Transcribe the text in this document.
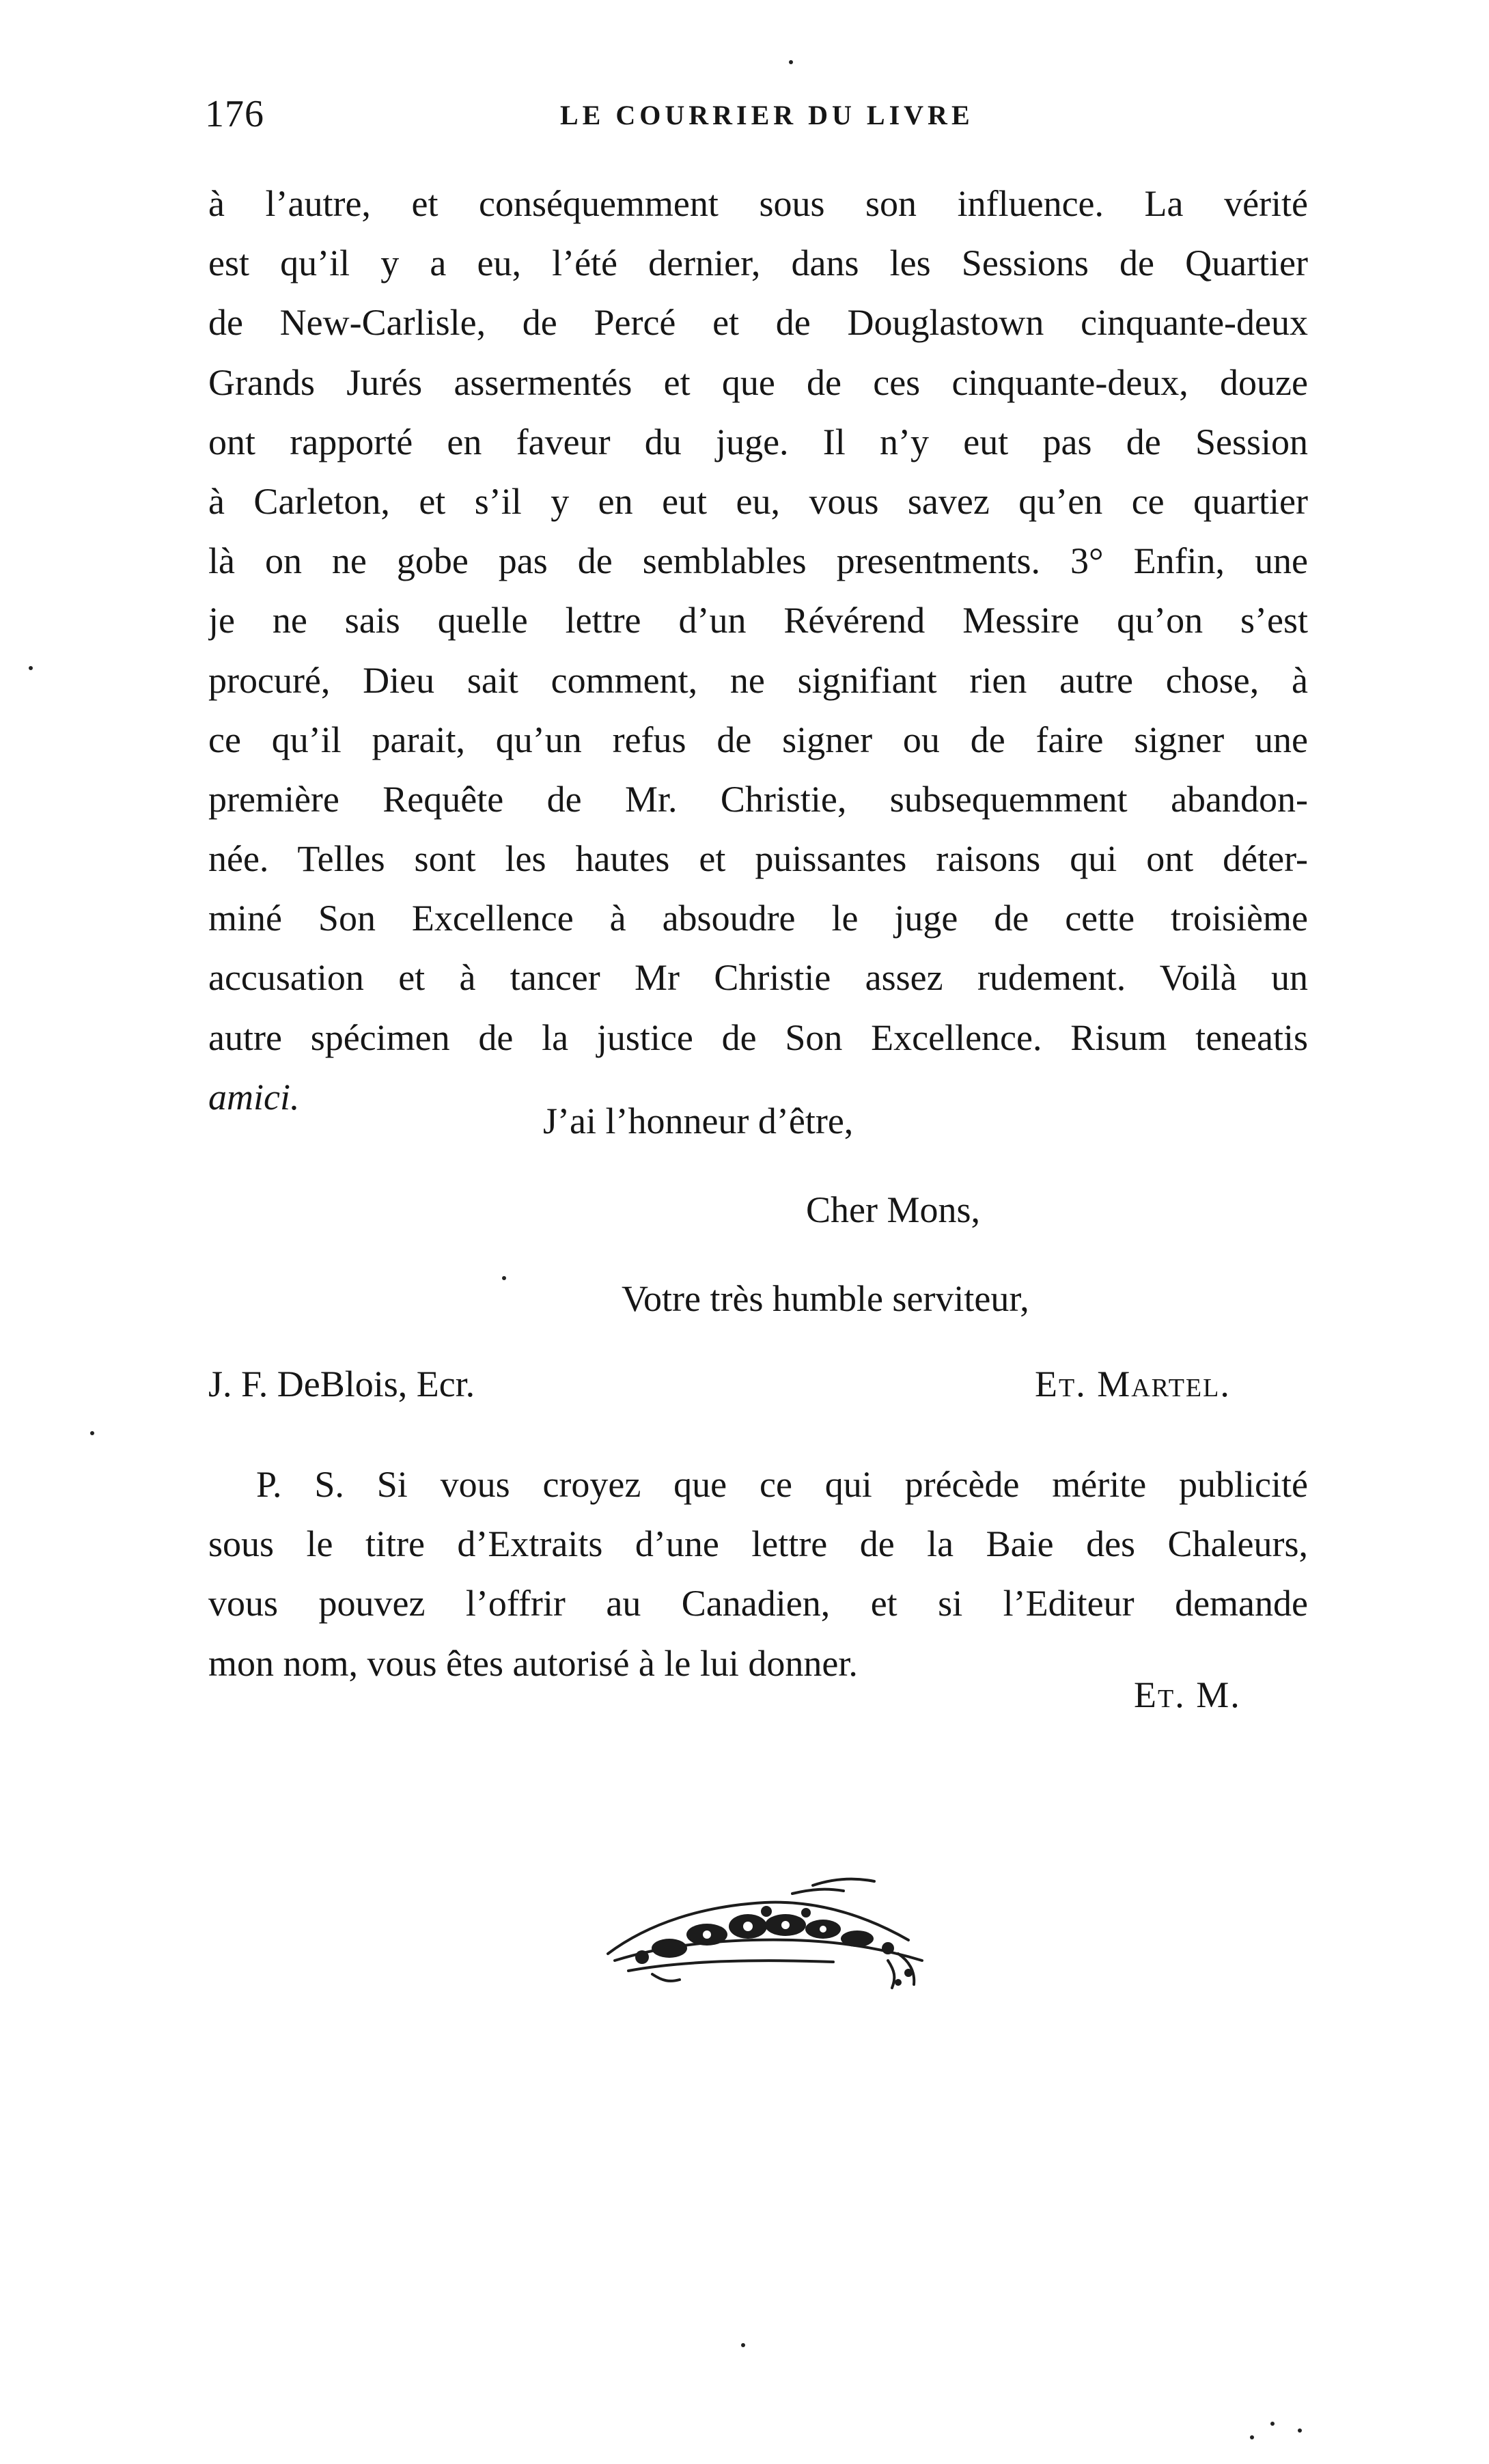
176	LE COURRIER DU LIVRE
à l’autre, et conséquemment sous son influence. La vérité
est qu’il y a eu, l’été dernier, dans les Sessions de Quartier
de New-Carlisle, de Percé et de Douglastown cinquante-deux
Grands Jurés assermentés et que de ces cinquante-deux, douze
ont rapporté en faveur du juge. Il n’y eut pas de Session
à Carleton, et s’il y en eut eu, vous savez qu’en ce quartier
là on ne gobe pas de semblables presentments. 3° Enfin, une
je ne sais quelle lettre d’un Révérend Messire qu’on s’est
procuré, Dieu sait comment, ne signifiant rien autre chose, à
ce qu’il parait, qu’un refus de signer ou de faire signer une
première Requête de Mr. Christie, subsequemment abandon-
née. Telles sont les hautes et puissantes raisons qui ont déter-
miné Son Excellence à absoudre le juge de cette troisième
accusation et à tancer Mr Christie assez rudement. Voilà un
autre spécimen de la justice de Son Excellence. Risum teneatis
amici.
J’ai l’honneur d’être,
Cher Mons,
Votre très humble serviteur,
J. F. DeBlois, Ecr.	Et. Martel.
P. S. Si vous croyez que ce qui précède mérite publicité
sous le titre d’Extraits d’une lettre de la Baie des Chaleurs,
vous pouvez l’offrir au Canadien, et si l’Editeur demande
mon nom, vous êtes autorisé à le lui donner.
Et. M.
